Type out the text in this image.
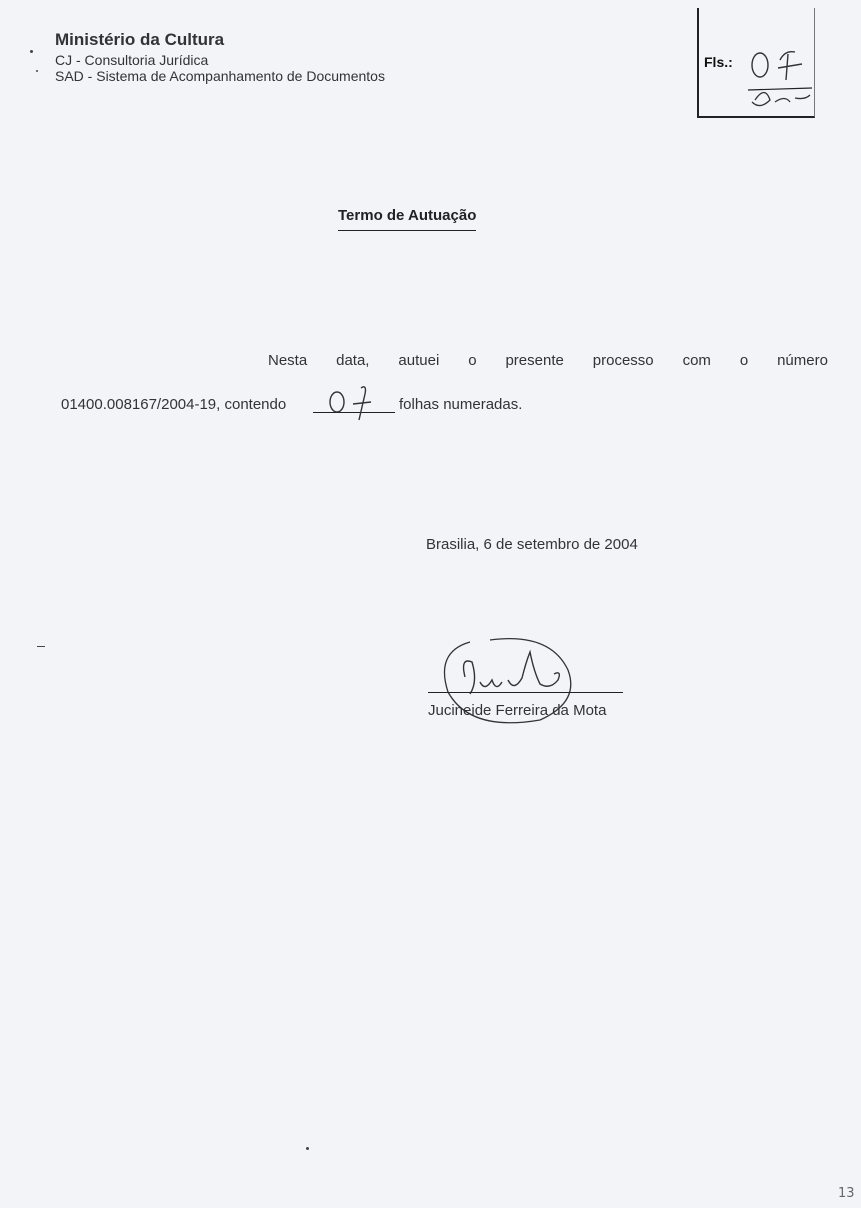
Ministério da Cultura
CJ - Consultoria Jurídica
SAD - Sistema de Acompanhamento de Documentos
Fls.:
Termo de Autuação
Nesta data, autuei o presente processo com o número
01400.008167/2004-19, contendo	folhas numeradas.
Brasilia, 6 de setembro de 2004
Jucineide Ferreira da Mota
13
